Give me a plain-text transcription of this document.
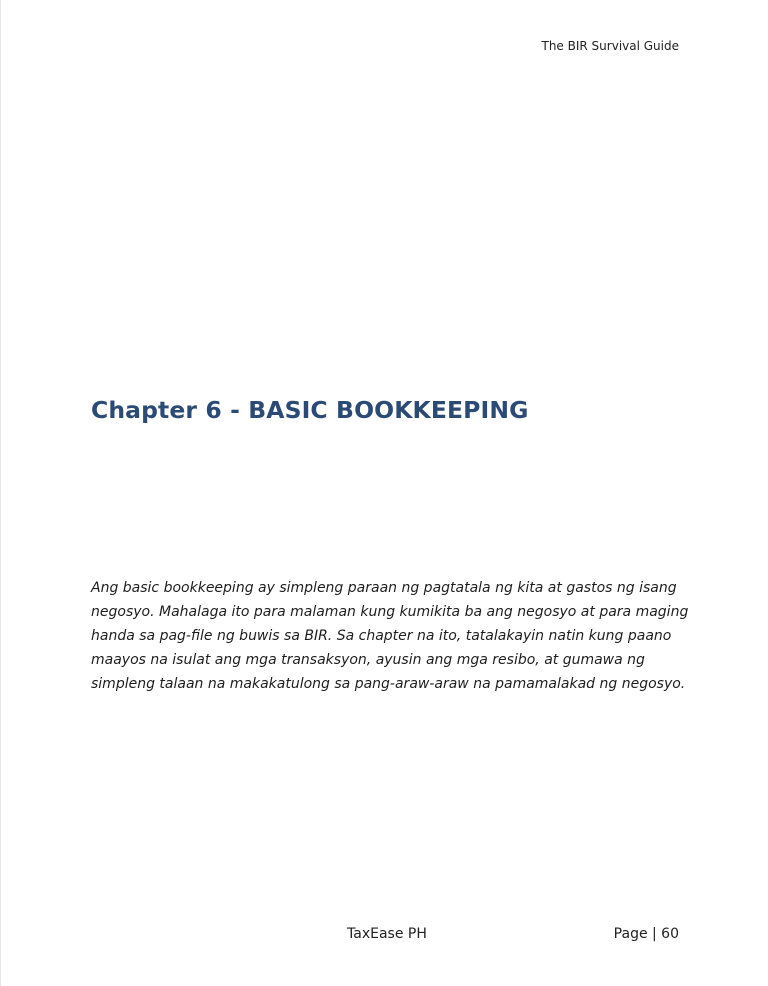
The BIR Survival Guide
Chapter 6 - BASIC BOOKKEEPING

Ang basic bookkeeping ay simpleng paraan ng pagtatala ng kita at gastos ng isang
negosyo. Mahalaga ito para malaman kung kumikita ba ang negosyo at para maging
handa sa pag-file ng buwis sa BIR. Sa chapter na ito, tatalakayin natin kung paano
maayos na isulat ang mga transaksyon, ayusin ang mga resibo, at gumawa ng
simpleng talaan na makakatulong sa pang-araw-araw na pamamalakad ng negosyo.

TaxEase PH	Page | 60
